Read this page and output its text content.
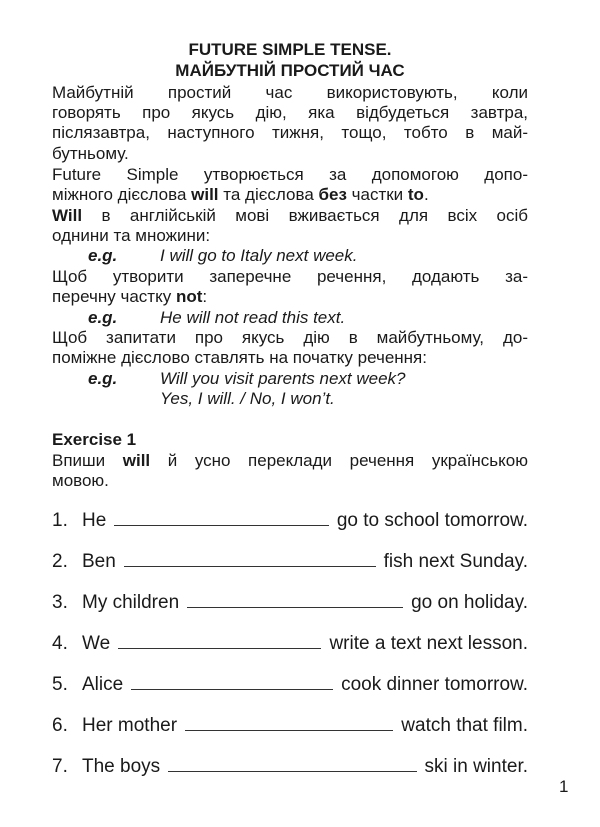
FUTURE SIMPLE TENSE.
МАЙБУТНІЙ ПРОСТИЙ ЧАС
Майбутній простий час використовують, коли
говорять про якусь дію, яка відбудеться завтра,
післязавтра, наступного тижня, тощо, тобто в май-
бутньому.
Future Simple утворюється за допомогою допо-
міжного дієслова will та дієслова без частки to.
Will в англійській мові вживається для всіх осіб
однини та множини:
e.g.	I will go to Italy next week.
Щоб утворити заперечне речення, додають за-
перечну частку not:
e.g.	He will not read this text.
Щоб запитати про якусь дію в майбутньому, до-
поміжне дієслово ставлять на початку речення:
e.g.	Will you visit parents next week?
Yes, I will. / No, I won’t.
Exercise 1
Впиши will й усно переклади речення українською
мовою.
1. He	go to school tomorrow.
2. Ben	fish next Sunday.
3. My children	go on holiday.
4. We	write a text next lesson.
5. Alice	cook dinner tomorrow.
6. Her mother	watch that film.
7. The boys	ski in winter.
1
